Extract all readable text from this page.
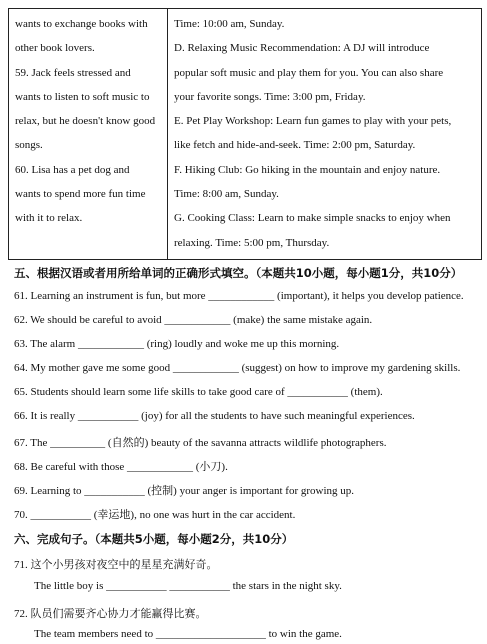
wants to exchange books with
other book lovers.
59. Jack feels stressed and
wants to listen to soft music to
relax, but he doesn't know good
songs.
60. Lisa has a pet dog and
wants to spend more fun time
with it to relax.

Time: 10:00 am, Sunday.
D. Relaxing Music Recommendation: A DJ will introduce
popular soft music and play them for you. You can also share
your favorite songs. Time: 3:00 pm, Friday.
E. Pet Play Workshop: Learn fun games to play with your pets,
like fetch and hide-and-seek. Time: 2:00 pm, Saturday.
F. Hiking Club: Go hiking in the mountain and enjoy nature.
Time: 8:00 am, Sunday.
G. Cooking Class: Learn to make simple snacks to enjoy when
relaxing. Time: 5:00 pm, Thursday.
五、根据汉语或者用所给单词的正确形式填空。（本题共10小题，每小题1分，共10分）
61. Learning an instrument is fun, but more ____________ (important), it helps you develop patience.
62. We should be careful to avoid ____________ (make) the same mistake again.
63. The alarm ____________ (ring) loudly and woke me up this morning.
64. My mother gave me some good ____________ (suggest) on how to improve my gardening skills.
65. Students should learn some life skills to take good care of ___________ (them).
66. It is really ___________ (joy) for all the students to have such meaningful experiences.
67. The __________ (自然的) beauty of the savanna attracts wildlife photographers.
68. Be careful with those ____________ (小刀).
69. Learning to ___________ (控制) your anger is important for growing up.
70. ___________ (幸运地), no one was hurt in the car accident.
六、完成句子。（本题共5小题，每小题2分，共10分）
71. 这个小男孩对夜空中的星星充满好奇。
The little boy is ___________ ___________ the stars in the night sky.
72. 队员们需要齐心协力才能赢得比赛。
The team members need to ____________________ to win the game.
